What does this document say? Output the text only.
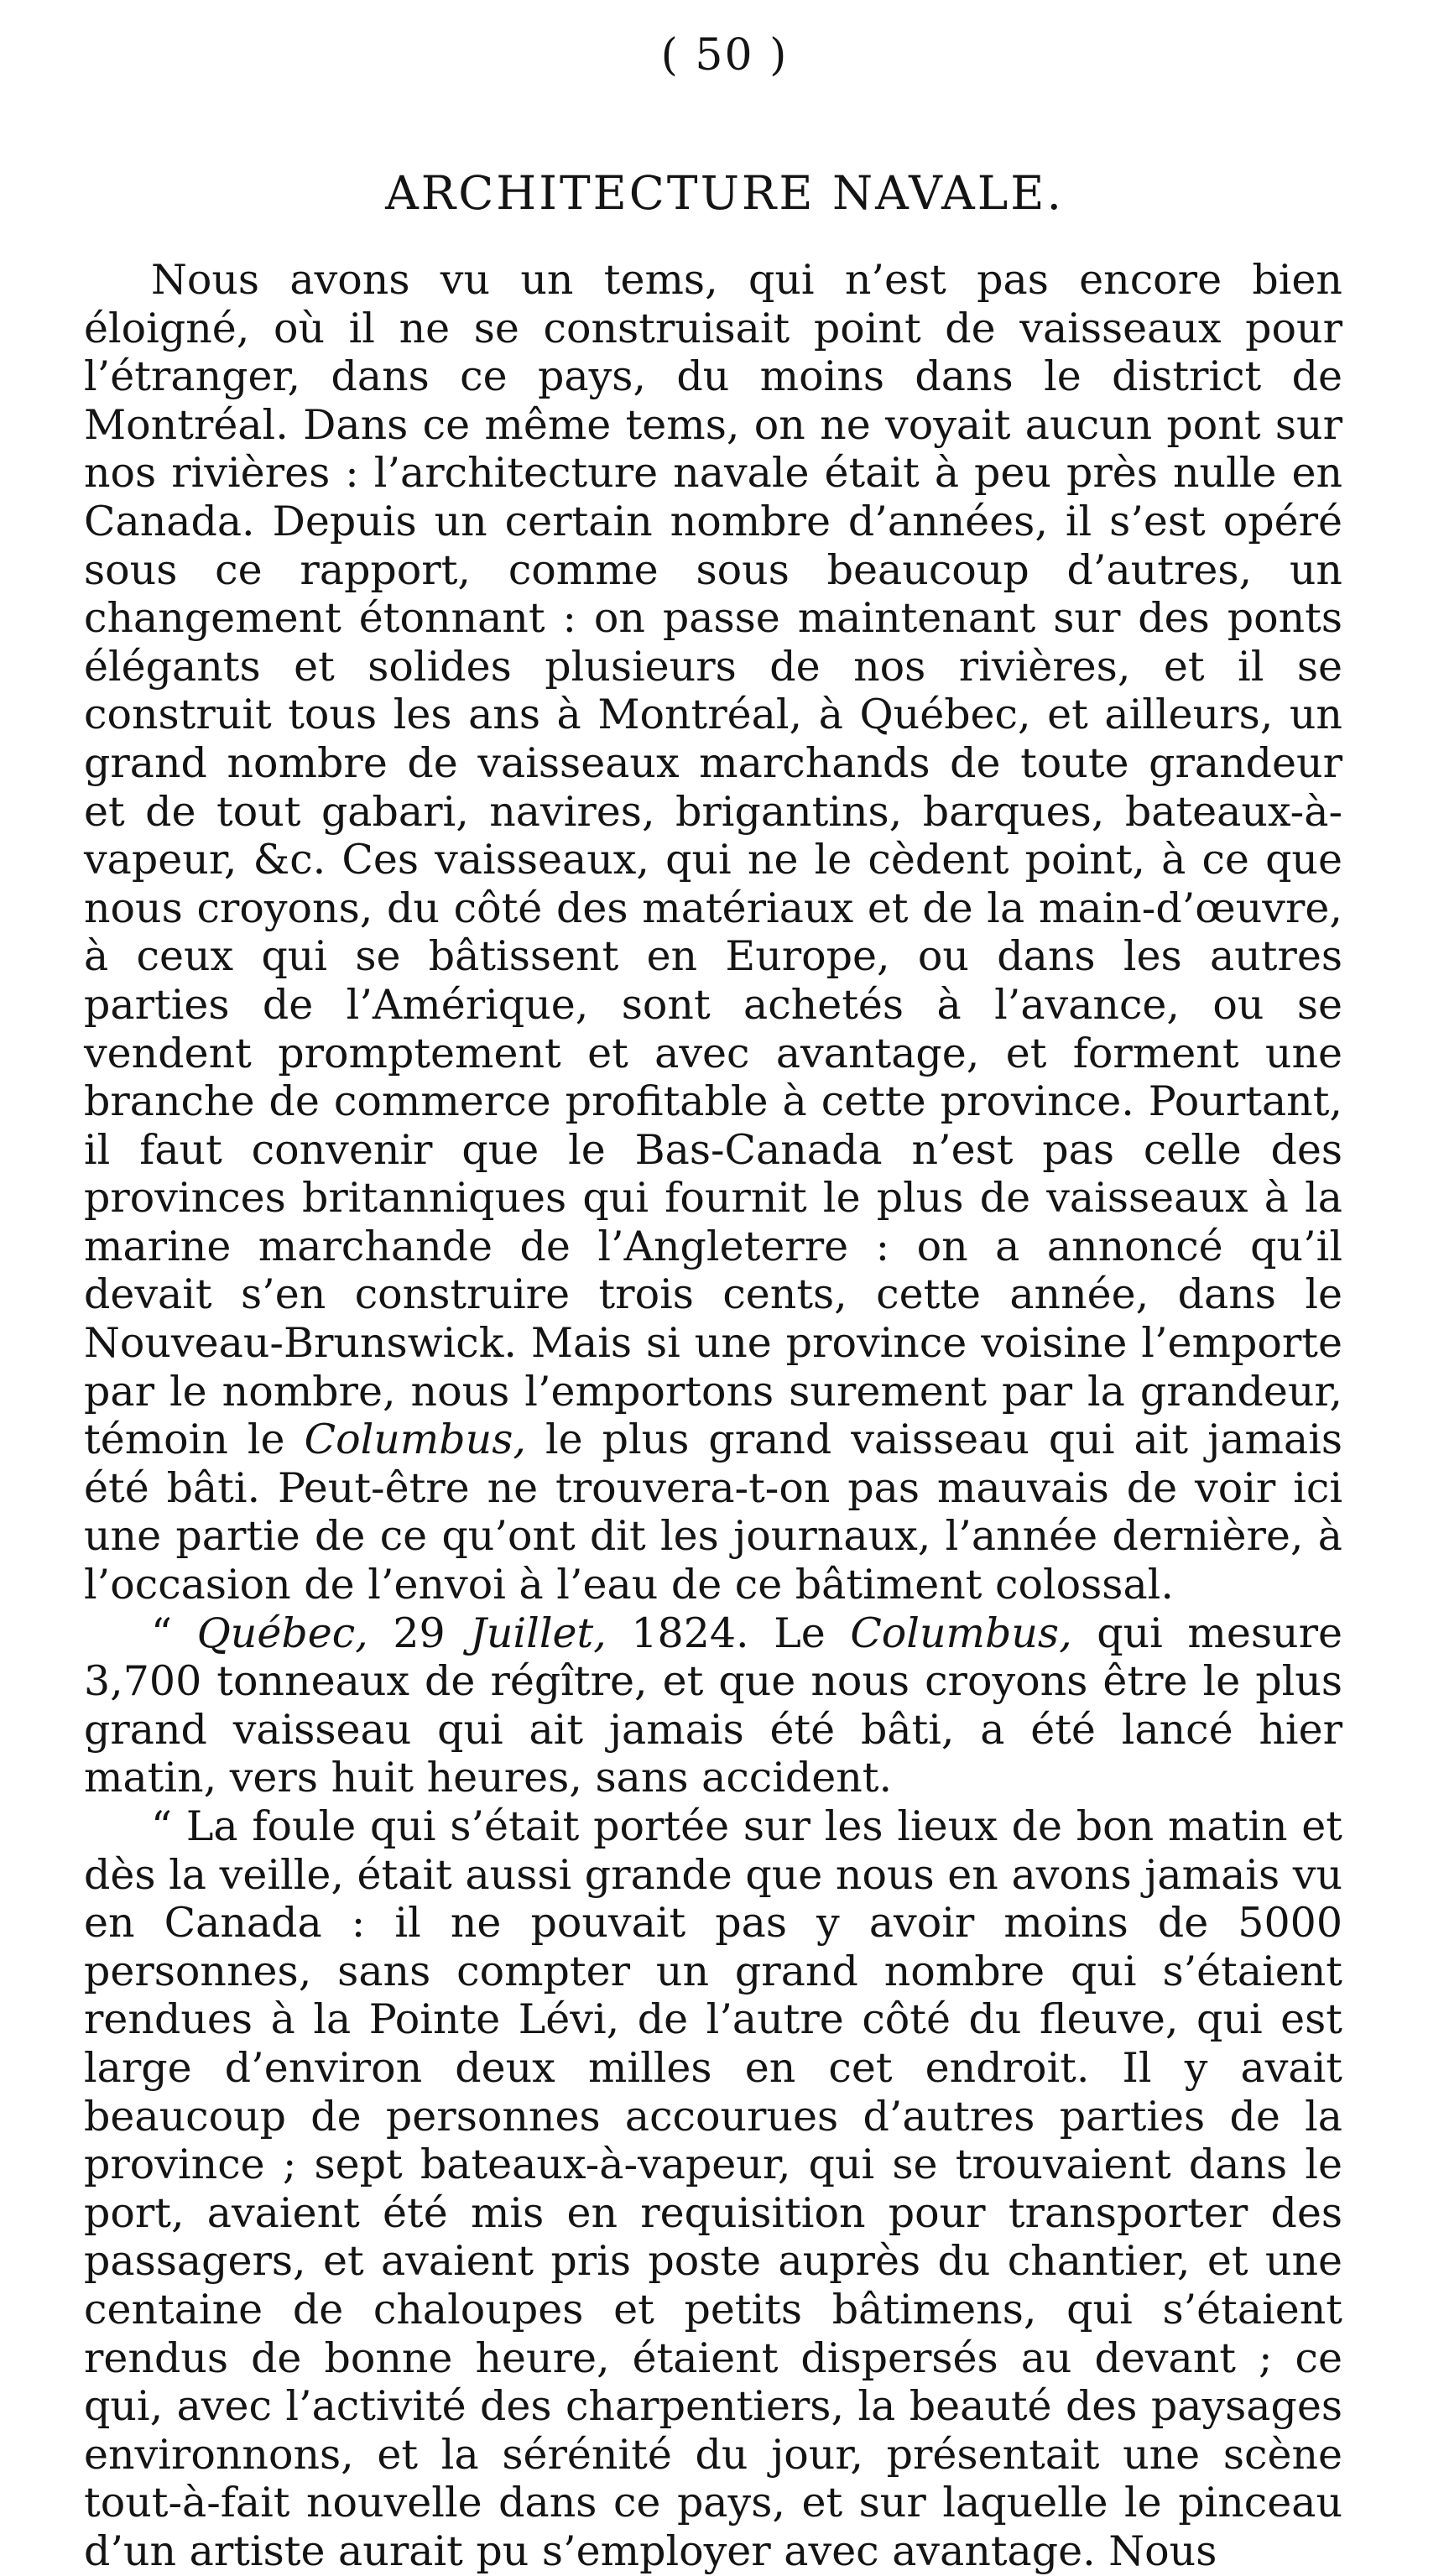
( 50 )
ARCHITECTURE NAVALE.

Nous avons vu un tems, qui n’est pas encore bien éloigné, où il ne se construisait point de vaisseaux pour l’étranger, dans ce pays, du moins dans le district de Montréal. Dans ce même tems, on ne voyait aucun pont sur nos rivières : l’architecture navale était à peu près nulle en Canada. Depuis un certain nombre d’années, il s’est opéré sous ce rapport, comme sous beaucoup d’autres, un changement étonnant : on passe maintenant sur des ponts élégants et solides plusieurs de nos rivières, et il se construit tous les ans à Montréal, à Québec, et ailleurs, un grand nombre de vaisseaux marchands de toute grandeur et de tout gabari, navires, brigantins, barques, bateaux-à-vapeur, &c. Ces vaisseaux, qui ne le cèdent point, à ce que nous croyons, du côté des matériaux et de la main-d’œuvre, à ceux qui se bâtissent en Europe, ou dans les autres parties de l’Amérique, sont achetés à l’avance, ou se vendent promptement et avec avantage, et forment une branche de commerce profitable à cette province. Pourtant, il faut convenir que le Bas-Canada n’est pas celle des provinces britanniques qui fournit le plus de vaisseaux à la marine marchande de l’Angleterre : on a annoncé qu’il devait s’en construire trois cents, cette année, dans le Nouveau-Brunswick. Mais si une province voisine l’emporte par le nombre, nous l’emportons surement par la grandeur, témoin le Columbus, le plus grand vaisseau qui ait jamais été bâti. Peut-être ne trouvera-t-on pas mauvais de voir ici une partie de ce qu’ont dit les journaux, l’année dernière, à l’occasion de l’envoi à l’eau de ce bâtiment colossal.

“ Québec, 29 Juillet, 1824. Le Columbus, qui mesure 3,700 tonneaux de régître, et que nous croyons être le plus grand vaisseau qui ait jamais été bâti, a été lancé hier matin, vers huit heures, sans accident.

“ La foule qui s’était portée sur les lieux de bon matin et dès la veille, était aussi grande que nous en avons jamais vu en Canada : il ne pouvait pas y avoir moins de 5000 personnes, sans compter un grand nombre qui s’étaient rendues à la Pointe Lévi, de l’autre côté du fleuve, qui est large d’environ deux milles en cet endroit. Il y avait beaucoup de personnes accourues d’autres parties de la province ; sept bateaux-à-vapeur, qui se trouvaient dans le port, avaient été mis en requisition pour transporter des passagers, et avaient pris poste auprès du chantier, et une centaine de chaloupes et petits bâtimens, qui s’étaient rendus de bonne heure, étaient dispersés au devant ; ce qui, avec l’activité des charpentiers, la beauté des paysages environnons, et la sérénité du jour, présentait une scène tout-à-fait nouvelle dans ce pays, et sur laquelle le pinceau d’un artiste aurait pu s’employer avec avantage. Nous
